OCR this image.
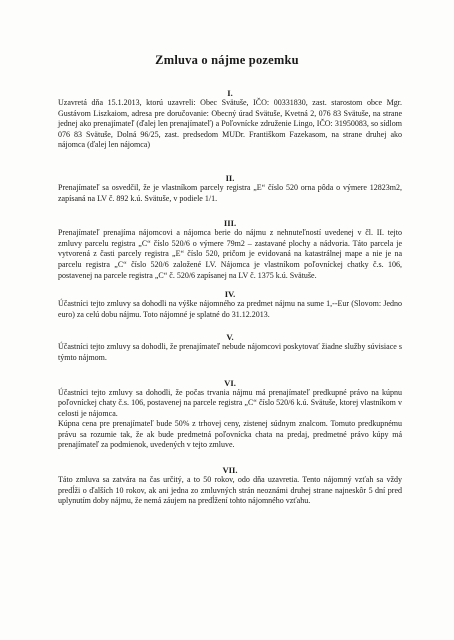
Zmluva o nájme pozemku
I.

Uzavretá dňa 15.1.2013, ktorú uzavreli: Obec Svätuše, IČO: 00331830, zast. starostom obce Mgr. Gustávom Liszkaiom, adresa pre doručovanie: Obecný úrad Svätuše, Kvetná 2, 076 83 Svätuše, na strane jednej ako prenajímateľ (ďalej len prenajímateľ) a Poľovnícke združenie Lingo, IČO: 31950083, so sídlom 076 83 Svätuše, Dolná 96/25, zast. predsedom MUDr. Františkom Fazekasom, na strane druhej ako nájomca (ďalej len nájomca)

II.

Prenajímateľ sa osvedčil, že je vlastníkom parcely registra „E“ číslo 520 ornа pôda o výmere 12823m2, zapísaná na LV č. 892 k.ú. Svätuše, v podiele 1/1.

III.

Prenajímateľ prenajíma nájomcovi a nájomca berie do nájmu z nehnuteľností uvedenej v čl. II. tejto zmluvy parcelu registra „C“ číslo 520/6 o výmere 79m2 – zastavané plochy a nádvoria. Táto parcela je vytvorená z časti parcely registra „E“ číslo 520, pričom je evidovaná na katastrálnej mape a nie je na parcelu registra „C“ číslo 520/6 založené LV. Nájomca je vlastníkom poľovníckej chatky č.s. 106, postavenej na parcele registra „C“ č. 520/6 zapísanej na LV č. 1375 k.ú. Svätuše.

IV.

Účastníci tejto zmluvy sa dohodli na výške nájomného za predmet nájmu na sume 1,--Eur (Slovom: Jedno euro) za celú dobu nájmu. Toto nájomné je splatné do 31.12.2013.

V.

Účastníci tejto zmluvy sa dohodli, že prenajímateľ nebude nájomcovi poskytovať žiadne služby súvisiace s týmto nájmom.

VI.

Účastníci tejto zmluvy sa dohodli, že počas trvania nájmu má prenajímateľ predkupné právo na kúpnu poľovníckej chaty č.s. 106, postavenej na parcele registra „C“ číslo 520/6 k.ú. Svätuše, ktorej vlastníkom v celosti je nájomca.

Kúpna cena pre prenajímateľ bude 50% z trhovej ceny, zistenej súdnym znalcom. Tomuto predkupnému právu sa rozumie tak, že ak bude predmetná poľovnícka chata na predaj, predmetné právo kúpy má prenajímateľ za podmienok, uvedených v tejto zmluve.

VII.

Táto zmluva sa zatvára na čas určitý, a to 50 rokov, odo dňa uzavretia. Tento nájomný vzťah sa vždy predĺži o ďalších 10 rokov, ak ani jedna zo zmluvných strán neoznámi druhej strane najneskôr 5 dní pred uplynutím doby nájmu, že nemá záujem na predĺžení tohto nájomného vzťahu.
